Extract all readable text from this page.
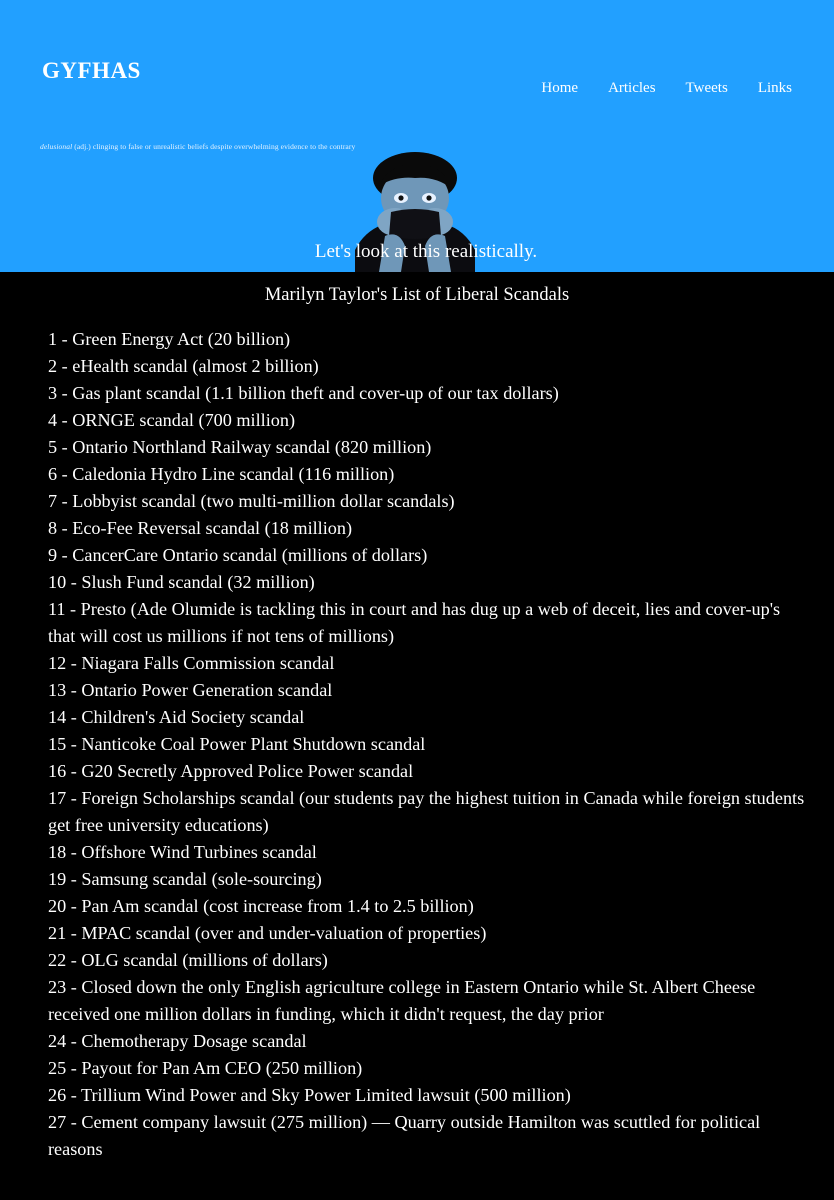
GYFHAS
Home Articles Tweets Links
delusional (adj.) clinging to false or unrealistic beliefs despite overwhelming evidence to the contrary
Let's look at this realistically.
Marilyn Taylor's List of Liberal Scandals
1 - Green Energy Act (20 billion)
2 - eHealth scandal (almost 2 billion)
3 - Gas plant scandal (1.1 billion theft and cover-up of our tax dollars)
4 - ORNGE scandal (700 million)
5 - Ontario Northland Railway scandal (820 million)
6 - Caledonia Hydro Line scandal (116 million)
7 - Lobbyist scandal (two multi-million dollar scandals)
8 - Eco-Fee Reversal scandal (18 million)
9 - CancerCare Ontario scandal (millions of dollars)
10 - Slush Fund scandal (32 million)
11 - Presto (Ade Olumide is tackling this in court and has dug up a web of deceit, lies and cover-up's that will cost us millions if not tens of millions)
12 - Niagara Falls Commission scandal
13 - Ontario Power Generation scandal
14 - Children's Aid Society scandal
15 - Nanticoke Coal Power Plant Shutdown scandal
16 - G20 Secretly Approved Police Power scandal
17 - Foreign Scholarships scandal (our students pay the highest tuition in Canada while foreign students get free university educations)
18 - Offshore Wind Turbines scandal
19 - Samsung scandal (sole-sourcing)
20 - Pan Am scandal (cost increase from 1.4 to 2.5 billion)
21 - MPAC scandal (over and under-valuation of properties)
22 - OLG scandal (millions of dollars)
23 - Closed down the only English agriculture college in Eastern Ontario while St. Albert Cheese received one million dollars in funding, which it didn't request, the day prior
24 - Chemotherapy Dosage scandal
25 - Payout for Pan Am CEO (250 million)
26 - Trillium Wind Power and Sky Power Limited lawsuit (500 million)
27 - Cement company lawsuit (275 million) — Quarry outside Hamilton was scuttled for political reasons
